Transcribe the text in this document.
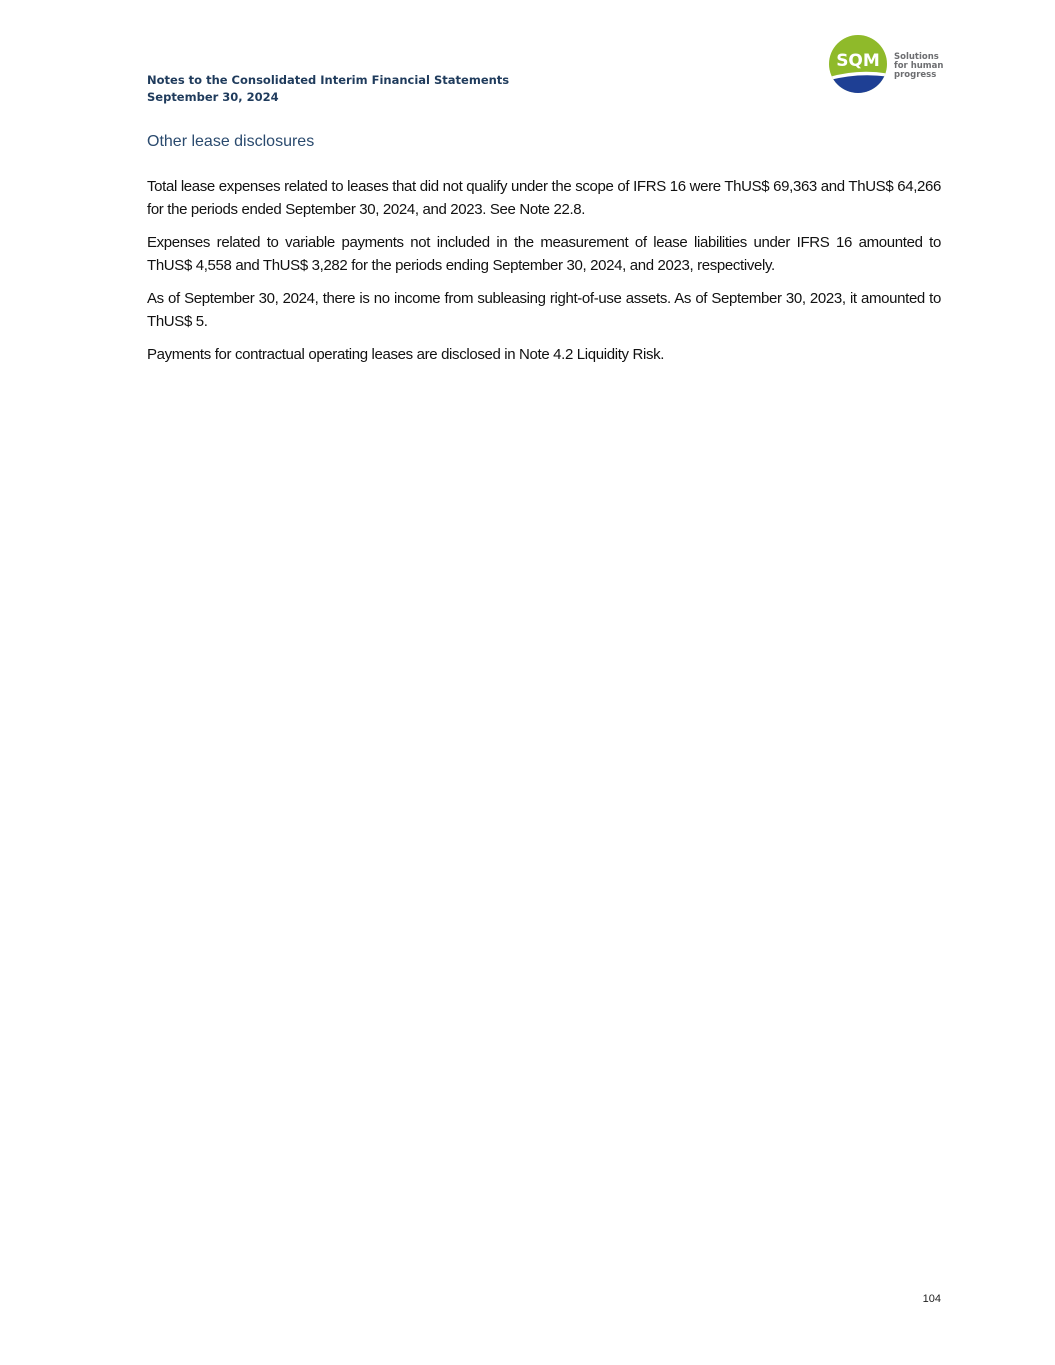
Notes to the Consolidated Interim Financial Statements
September 30, 2024
SQM Solutions
for human
progress
Other lease disclosures

Total lease expenses related to leases that did not qualify under the scope of IFRS 16 were ThUS$ 69,363 and ThUS$ 64,266 for the periods ended September 30, 2024, and 2023. See Note 22.8.

Expenses related to variable payments not included in the measurement of lease liabilities under IFRS 16 amounted to ThUS$ 4,558 and ThUS$ 3,282 for the periods ending September 30, 2024, and 2023, respectively.

As of September 30, 2024, there is no income from subleasing right-of-use assets. As of September 30, 2023, it amounted to ThUS$ 5.

Payments for contractual operating leases are disclosed in Note 4.2 Liquidity Risk.

104
